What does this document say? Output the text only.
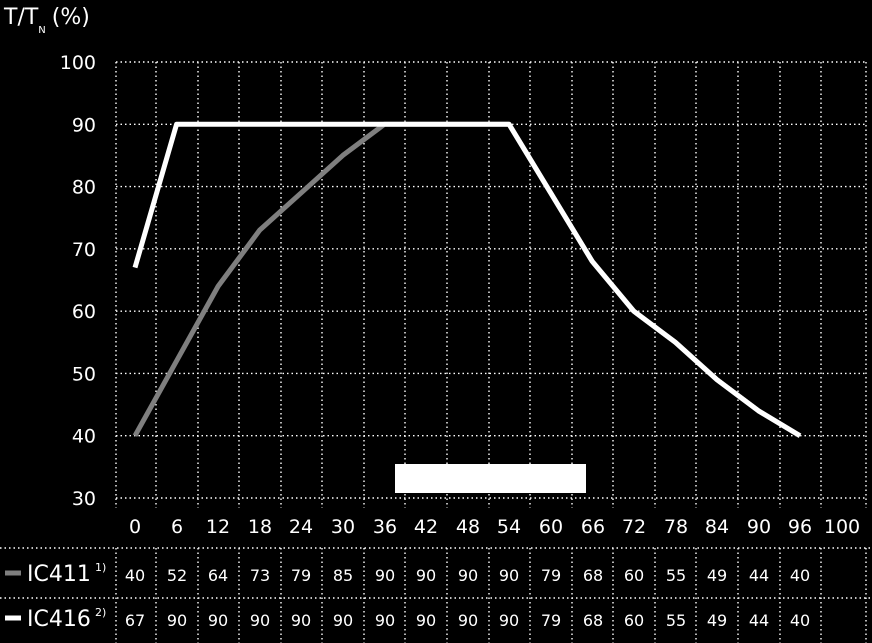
$T/T_N(\%)$
30
40
50
60
70
80
90
100
0 6 12 18 24 30 36 42 48 54 60 66 72 78 84 90 96 100
IC411 1)
IC416 2)
40 52 64 73 79 85 90 90 90 90 79 68 60 55 49 44 40
67 90 90 90 90 90 90 90 90 90 79 68 60 55 49 44 40
